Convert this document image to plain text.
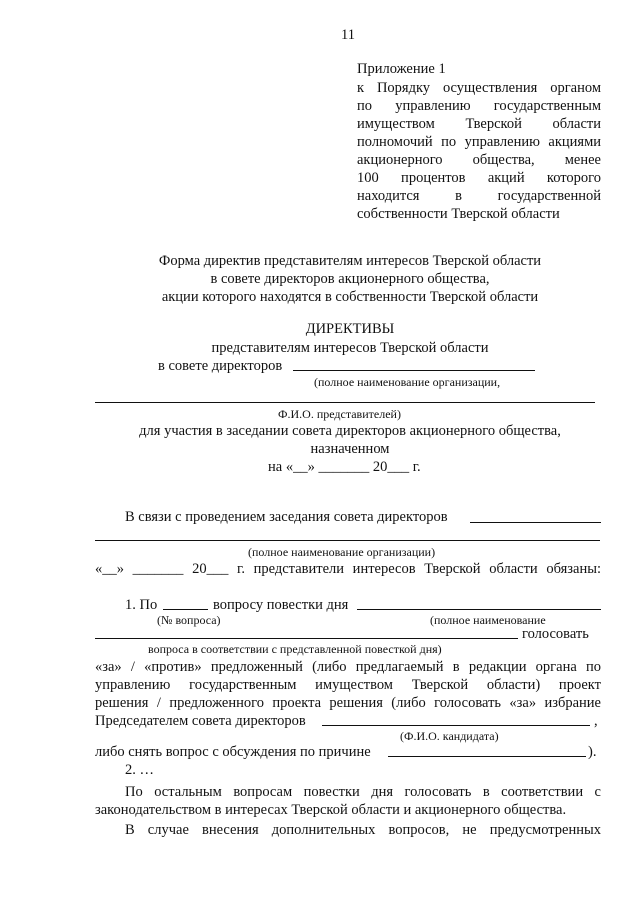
11
Приложение 1
к Порядку осуществления органом
по управлению государственным
имуществом Тверской области
полномочий по управлению акциями
акционерного общества, менее
100 процентов акций которого
находится в государственной
собственности Тверской области
Форма директив представителям интересов Тверской области
в совете директоров акционерного общества,
акции которого находятся в собственности Тверской области
ДИРЕКТИВЫ
представителям интересов Тверской области
в совете директоров
(полное наименование организации,
Ф.И.О. представителей)
для участия в заседании совета директоров акционерного общества,
назначенном
на «__» _______ 20___ г.
В связи с проведением заседания совета директоров
(полное наименование организации)
«__» _______ 20___ г. представители интересов Тверской области обязаны:
1. По	вопросу повестки дня
(№ вопроса)	(полное наименование
голосовать
вопроса в соответствии с представленной повесткой дня)
«за» / «против» предложенный (либо предлагаемый в редакции органа по
управлению государственным имуществом Тверской области) проект
решения / предложенного проекта решения (либо голосовать «за» избрание
Председателем совета директоров	,
(Ф.И.О. кандидата)
либо снять вопрос с обсуждения по причине	).
2. …
По остальным вопросам повестки дня голосовать в соответствии с
законодательством в интересах Тверской области и акционерного общества.
В случае внесения дополнительных вопросов, не предусмотренных
